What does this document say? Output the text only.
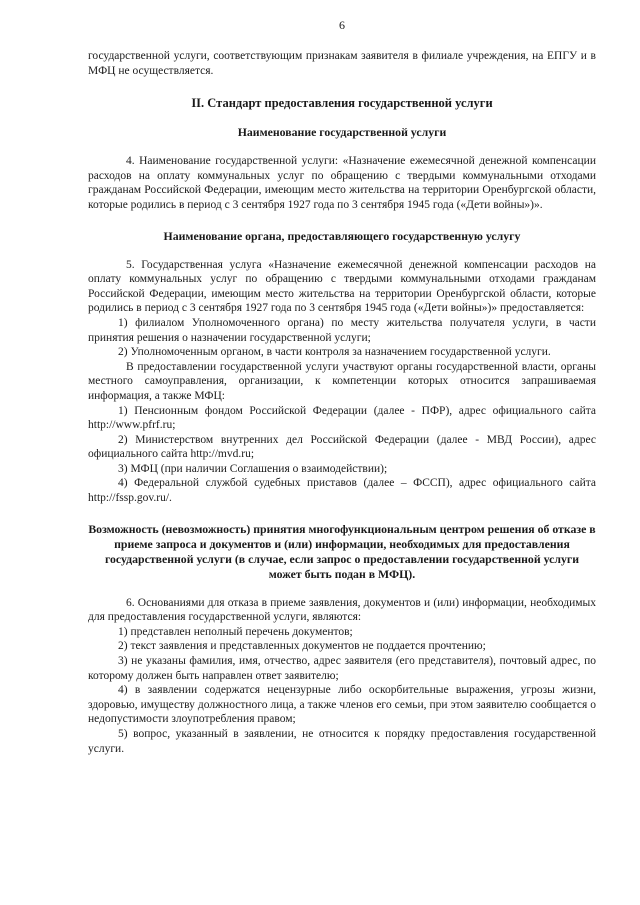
6

государственной услуги, соответствующим признакам заявителя в филиале учреждения, на ЕПГУ и в МФЦ не осуществляется.

II. Стандарт предоставления государственной услуги
Наименование государственной услуги

4. Наименование государственной услуги: «Назначение ежемесячной денежной компенсации расходов на оплату коммунальных услуг по обращению с твердыми коммунальными отходами гражданам Российской Федерации, имеющим место жительства на территории Оренбургской области, которые родились в период с 3 сентября 1927 года по 3 сентября 1945 года («Дети войны»)».

Наименование органа, предоставляющего государственную услугу

5. Государственная услуга «Назначение ежемесячной денежной компенсации расходов на оплату коммунальных услуг по обращению с твердыми коммунальными отходами гражданам Российской Федерации, имеющим место жительства на территории Оренбургской области, которые родились в период с 3 сентября 1927 года по 3 сентября 1945 года («Дети войны»)» предоставляется:

1) филиалом Уполномоченного органа) по месту жительства получателя услуги, в части принятия решения о назначении государственной услуги;

2) Уполномоченным органом, в части контроля за назначением государственной услуги.

В предоставлении государственной услуги участвуют органы государственной власти, органы местного самоуправления, организации, к компетенции которых относится запрашиваемая информация, а также МФЦ:

1) Пенсионным фондом Российской Федерации (далее - ПФР), адрес официального сайта http://www.pfrf.ru;

2) Министерством внутренних дел Российской Федерации (далее - МВД России), адрес официального сайта http://mvd.ru;

3) МФЦ (при наличии Соглашения о взаимодействии);

4) Федеральной службой судебных приставов (далее – ФССП), адрес официального сайта http://fssp.gov.ru/.

Возможность (невозможность) принятия многофункциональным центром решения об отказе в приеме запроса и документов и (или) информации, необходимых для предоставления государственной услуги (в случае, если запрос о предоставлении государственной услуги может быть подан в МФЦ).

6. Основаниями для отказа в приеме заявления, документов и (или) информации, необходимых для предоставления государственной услуги, являются:

1) представлен неполный перечень документов;

2) текст заявления и представленных документов не поддается прочтению;

3) не указаны фамилия, имя, отчество, адрес заявителя (его представителя), почтовый адрес, по которому должен быть направлен ответ заявителю;

4) в заявлении содержатся нецензурные либо оскорбительные выражения, угрозы жизни, здоровью, имуществу должностного лица, а также членов его семьи, при этом заявителю сообщается о недопустимости злоупотребления правом;

5) вопрос, указанный в заявлении, не относится к порядку предоставления государственной услуги.
